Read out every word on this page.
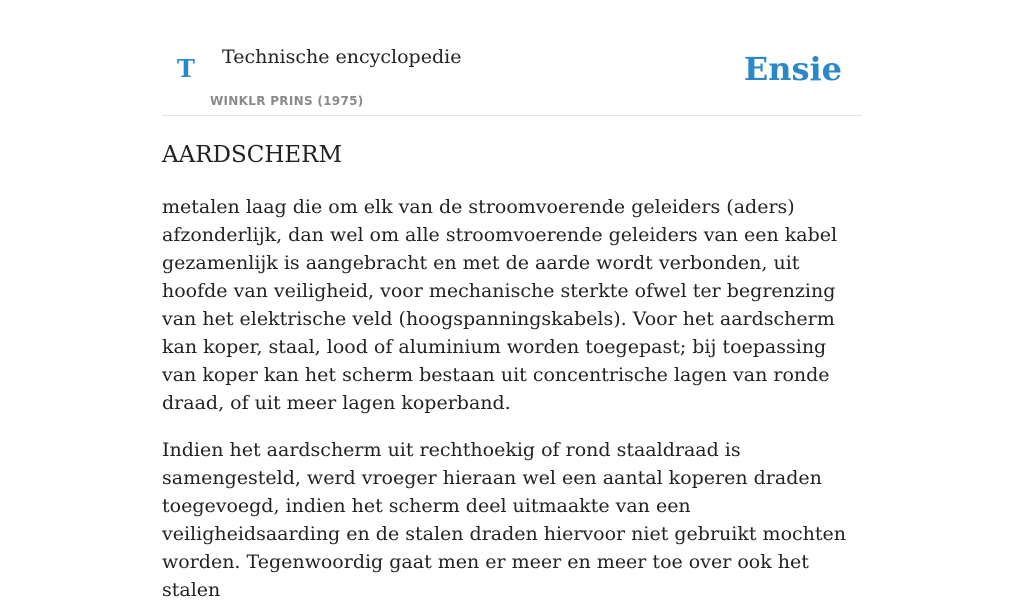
T Technische encyclopedie
WINKLR PRINS (1975)
Ensie
AARDSCHERM

metalen laag die om elk van de stroomvoerende geleiders (aders) afzonderlijk, dan wel om alle stroomvoerende geleiders van een kabel gezamenlijk is aangebracht en met de aarde wordt verbonden, uit hoofde van veiligheid, voor mechanische sterkte ofwel ter begrenzing van het elektrische veld (hoogspanningskabels). Voor het aardscherm kan koper, staal, lood of aluminium worden toegepast; bij toepassing van koper kan het scherm bestaan uit concentrische lagen van ronde draad, of uit meer lagen koperband.

Indien het aardscherm uit rechthoekig of rond staaldraad is samengesteld, werd vroeger hieraan wel een aantal koperen draden toegevoegd, indien het scherm deel uitmaakte van een veiligheidsaarding en de stalen draden hiervoor niet gebruikt mochten worden. Tegenwoordig gaat men er meer en meer toe over ook het stalen
